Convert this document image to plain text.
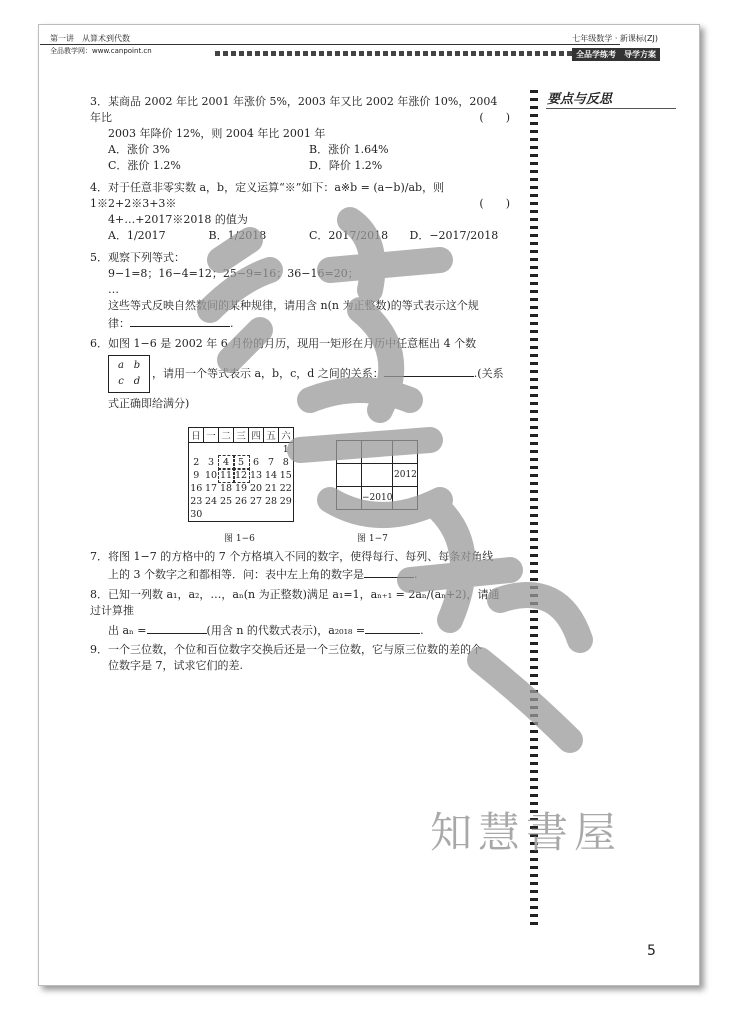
第一讲　从算术到代数	七年级数学 · 新课标(ZJ)
全品教学网：www.canpoint.cn	全品学练考　导学方案
要点与反思
3．某商品 2002 年比 2001 年涨价 5%，2003 年又比 2002 年涨价 10%，2004 年比
2003 年降价 12%，则 2004 年比 2001 年
(　　)
A．涨价 3%	B．涨价 1.64%
C．涨价 1.2%	D．降价 1.2%
4．对于任意非零实数 a，b，定义运算“※”如下：a※b = (a−b)/ab，则 1※2+2※3+3※
4+…+2017※2018 的值为
(　　)
A．1/2017	B．1/2018	C．2017/2018	D．−2017/2018
5．观察下列等式：
9−1=8；16−4=12；25−9=16；36−16=20；
…
这些等式反映自然数间的某种规律，请用含 n(n 为正整数)的等式表示这个规
律：	.
6．如图 1−6 是 2002 年 6 月份的月历，现用一矩形在月历中任意框出 4 个数
a b
c	d
，请用一个等式表示 a，b，c，d 之间的关系：	.(关系
式正确即给满分)
日	一	二	三	四	五	六
						1
2	3	4	5	6	7	8
9	10	11	12	13	14	15
16	17	18	19	20	21	22
23	24	25	26	27	28	29
30						
图 1−6

		2012
	−2010	
图 1−7
7．将图 1−7 的方格中的 7 个方格填入不同的数字，使得每行、每列、每条对角线
上的 3 个数字之和都相等．问：表中左上角的数字是	.
8．已知一列数 a₁，a₂，…，aₙ(n 为正整数)满足 a₁=1，aₙ₊₁ = 2aₙ/(aₙ+2)，请通过计算推
出 aₙ =	(用含 n 的代数式表示)，a₂₀₁₈ =	.
9．一个三位数，个位和百位数字交换后还是一个三位数，它与原三位数的差的个
位数字是 7，试求它们的差.
知慧書屋
5
